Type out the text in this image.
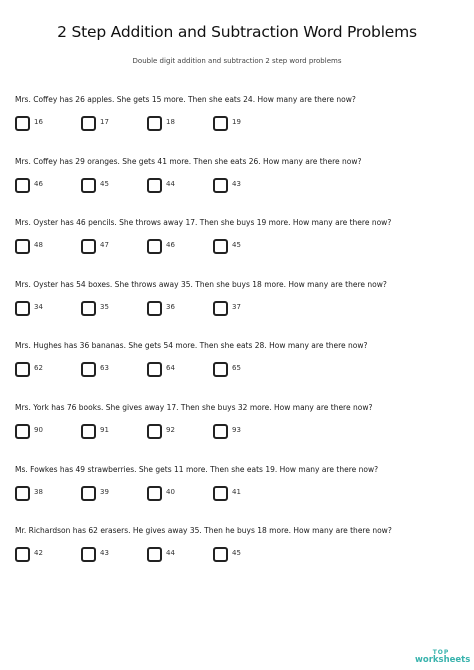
2 Step Addition and Subtraction Word Problems
Double digit addition and subtraction 2 step word problems
Mrs. Coffey has 26 apples. She gets 15 more. Then she eats 24. How many are there now?
16	17	18	19
Mrs. Coffey has 29 oranges. She gets 41 more. Then she eats 26. How many are there now?
46	45	44	43
Mrs. Oyster has 46 pencils. She throws away 17. Then she buys 19 more. How many are there now?
48	47	46	45
Mrs. Oyster has 54 boxes. She throws away 35. Then she buys 18 more. How many are there now?
34	35	36	37
Mrs. Hughes has 36 bananas. She gets 54 more. Then she eats 28. How many are there now?
62	63	64	65
Mrs. York has 76 books. She gives away 17. Then she buys 32 more. How many are there now?
90	91	92	93
Ms. Fowkes has 49 strawberries. She gets 11 more. Then she eats 19. How many are there now?
38	39	40	41
Mr. Richardson has 62 erasers. He gives away 35. Then he buys 18 more. How many are there now?
42	43	44	45
TOP
worksheets
